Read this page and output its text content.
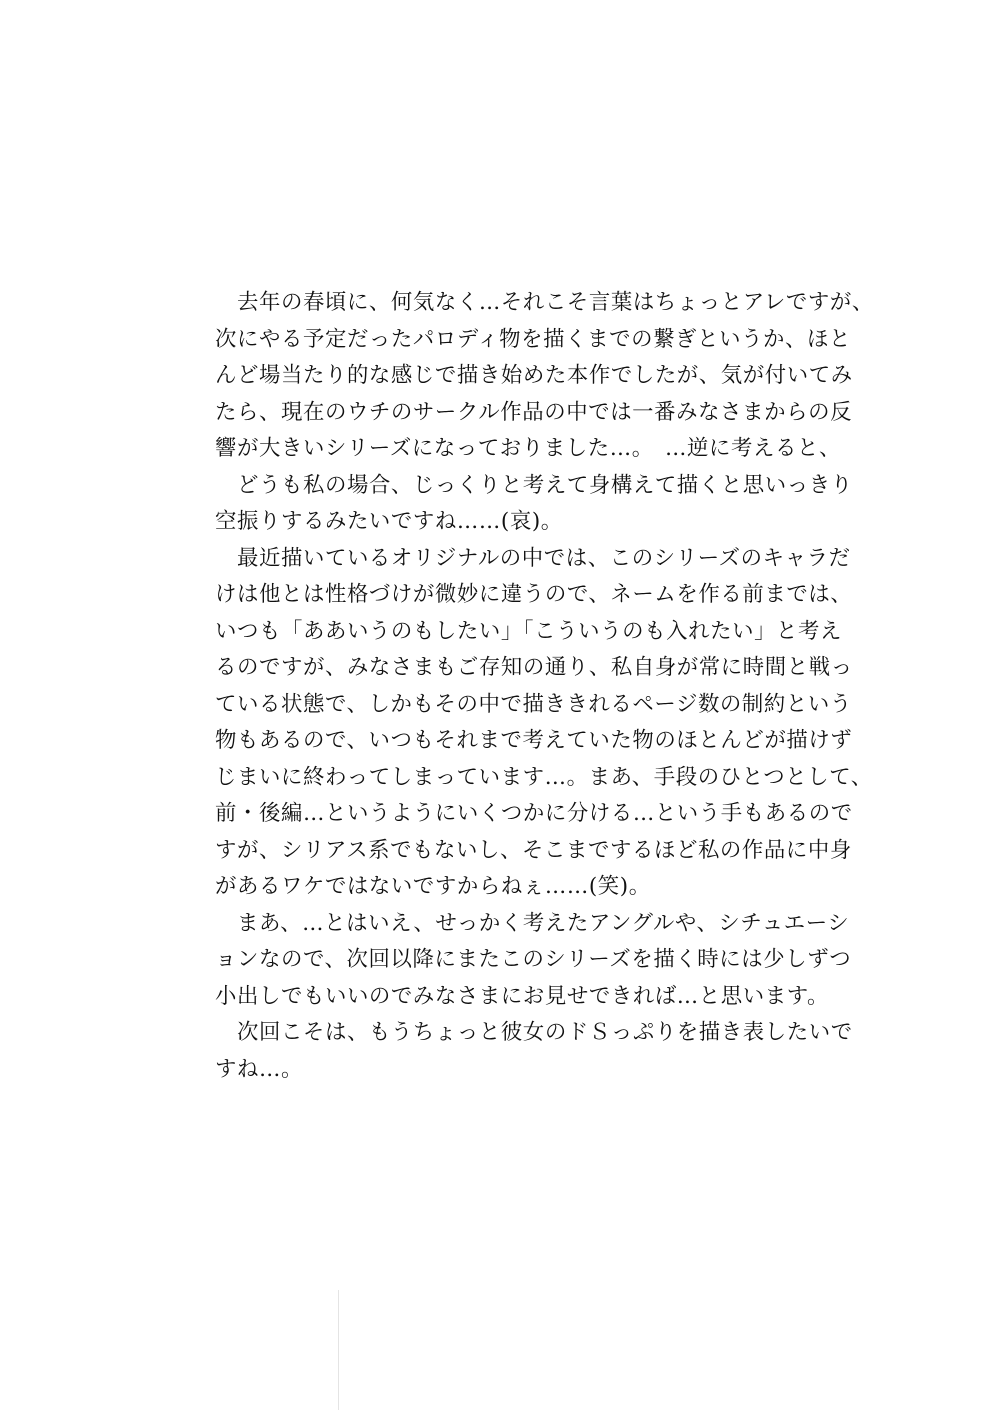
　去年の春頃に、何気なく…それこそ言葉はちょっとアレですが、
次にやる予定だったパロディ物を描くまでの繋ぎというか、ほと
んど場当たり的な感じで描き始めた本作でしたが、気が付いてみ
たら、現在のウチのサークル作品の中では一番みなさまからの反
響が大きいシリーズになっておりました…。　…逆に考えると、
　どうも私の場合、じっくりと考えて身構えて描くと思いっきり
空振りするみたいですね……(哀)。
　最近描いているオリジナルの中では、このシリーズのキャラだ
けは他とは性格づけが微妙に違うので、ネームを作る前までは、
いつも「ああいうのもしたい」「こういうのも入れたい」と考え
るのですが、みなさまもご存知の通り、私自身が常に時間と戦っ
ている状態で、しかもその中で描ききれるページ数の制約という
物もあるので、いつもそれまで考えていた物のほとんどが描けず
じまいに終わってしまっています…。まあ、手段のひとつとして、
前・後編…というようにいくつかに分ける…という手もあるので
すが、シリアス系でもないし、そこまでするほど私の作品に中身
があるワケではないですからねぇ……(笑)。
　まあ、…とはいえ、せっかく考えたアングルや、シチュエーシ
ョンなので、次回以降にまたこのシリーズを描く時には少しずつ
小出しでもいいのでみなさまにお見せできれば…と思います。
　次回こそは、もうちょっと彼女のドＳっぷりを描き表したいで
すね…。
